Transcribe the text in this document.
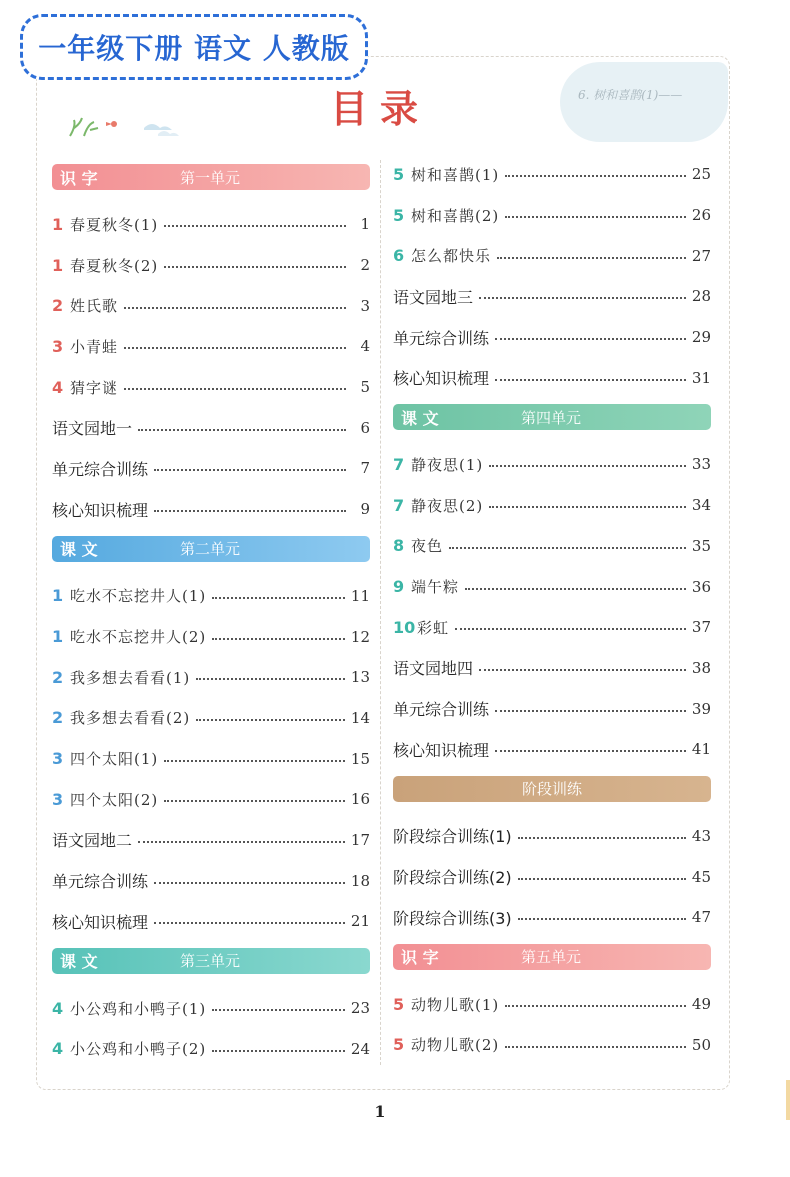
一年级下册 语文 人教版
6. 树和喜鹊(1)——
目录
识 字	第一单元
1 春夏秋冬(1)	1
1 春夏秋冬(2)	2
2 姓氏歌	3
3 小青蛙	4
4 猜字谜	5
语文园地一	6
单元综合训练	7
核心知识梳理	9
课 文	第二单元
1 吃水不忘挖井人(1)	11
1 吃水不忘挖井人(2)	12
2 我多想去看看(1)	13
2 我多想去看看(2)	14
3 四个太阳(1)	15
3 四个太阳(2)	16
语文园地二	17
单元综合训练	18
核心知识梳理	21
课 文	第三单元
4 小公鸡和小鸭子(1)	23
4 小公鸡和小鸭子(2)	24
5 树和喜鹊(1)	25
5 树和喜鹊(2)	26
6 怎么都快乐	27
语文园地三	28
单元综合训练	29
核心知识梳理	31
课 文	第四单元
7 静夜思(1)	33
7 静夜思(2)	34
8 夜色	35
9 端午粽	36
10 彩虹	37
语文园地四	38
单元综合训练	39
核心知识梳理	41
阶段训练
阶段综合训练(1)	43
阶段综合训练(2)	45
阶段综合训练(3)	47
识 字	第五单元
5 动物儿歌(1)	49
5 动物儿歌(2)	50
1
